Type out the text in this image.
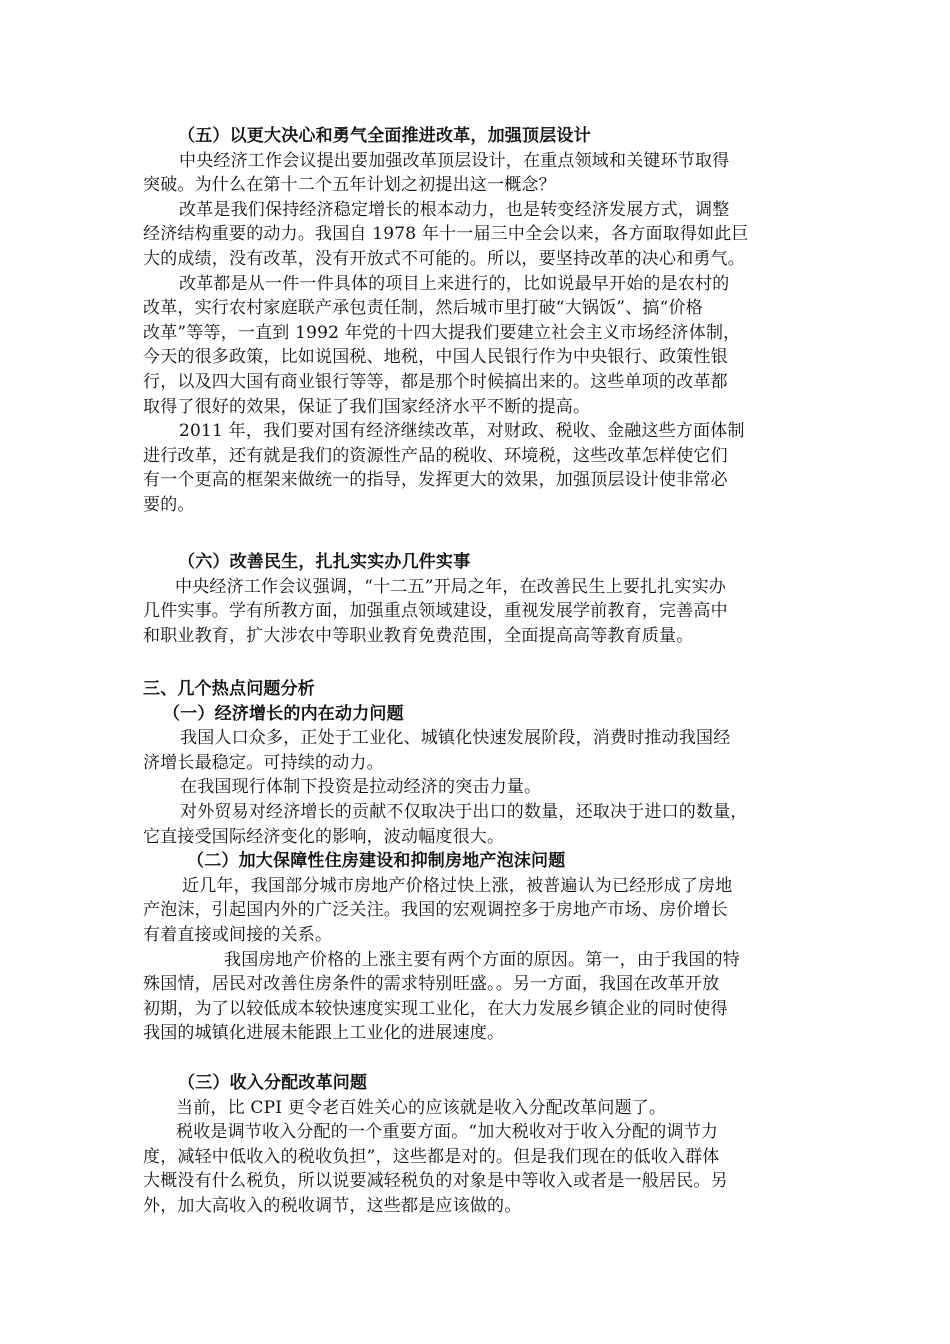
（五）以更大决心和勇气全面推进改革，加强顶层设计
中央经济工作会议提出要加强改革顶层设计，在重点领域和关键环节取得
突破。为什么在第十二个五年计划之初提出这一概念？
改革是我们保持经济稳定增长的根本动力，也是转变经济发展方式，调整
经济结构重要的动力。我国自 1978 年十一届三中全会以来，各方面取得如此巨
大的成绩，没有改革，没有开放式不可能的。所以，要坚持改革的决心和勇气。
改革都是从一件一件具体的项目上来进行的，比如说最早开始的是农村的
改革，实行农村家庭联产承包责任制，然后城市里打破“大锅饭”、搞“价格
改革”等等，一直到 1992 年党的十四大提我们要建立社会主义市场经济体制，
今天的很多政策，比如说国税、地税，中国人民银行作为中央银行、政策性银
行，以及四大国有商业银行等等，都是那个时候搞出来的。这些单项的改革都
取得了很好的效果，保证了我们国家经济水平不断的提高。
2011 年，我们要对国有经济继续改革，对财政、税收、金融这些方面体制
进行改革，还有就是我们的资源性产品的税收、环境税，这些改革怎样使它们
有一个更高的框架来做统一的指导，发挥更大的效果，加强顶层设计使非常必
要的。
（六）改善民生，扎扎实实办几件实事
中央经济工作会议强调，“十二五”开局之年，在改善民生上要扎扎实实办
几件实事。学有所教方面，加强重点领域建设，重视发展学前教育，完善高中
和职业教育，扩大涉农中等职业教育免费范围，全面提高高等教育质量。
三、几个热点问题分析
（一）经济增长的内在动力问题
我国人口众多，正处于工业化、城镇化快速发展阶段，消费时推动我国经
济增长最稳定。可持续的动力。
在我国现行体制下投资是拉动经济的突击力量。
对外贸易对经济增长的贡献不仅取决于出口的数量，还取决于进口的数量，
它直接受国际经济变化的影响，波动幅度很大。
（二）加大保障性住房建设和抑制房地产泡沫问题
近几年，我国部分城市房地产价格过快上涨，被普遍认为已经形成了房地
产泡沫，引起国内外的广泛关注。我国的宏观调控多于房地产市场、房价增长
有着直接或间接的关系。
我国房地产价格的上涨主要有两个方面的原因。第一，由于我国的特
殊国情，居民对改善住房条件的需求特别旺盛。。另一方面，我国在改革开放
初期，为了以较低成本较快速度实现工业化，在大力发展乡镇企业的同时使得
我国的城镇化进展未能跟上工业化的进展速度。
（三）收入分配改革问题
当前，比 CPI 更令老百姓关心的应该就是收入分配改革问题了。
税收是调节收入分配的一个重要方面。“加大税收对于收入分配的调节力
度，减轻中低收入的税收负担”，这些都是对的。但是我们现在的低收入群体
大概没有什么税负，所以说要减轻税负的对象是中等收入或者是一般居民。另
外，加大高收入的税收调节，这些都是应该做的。
